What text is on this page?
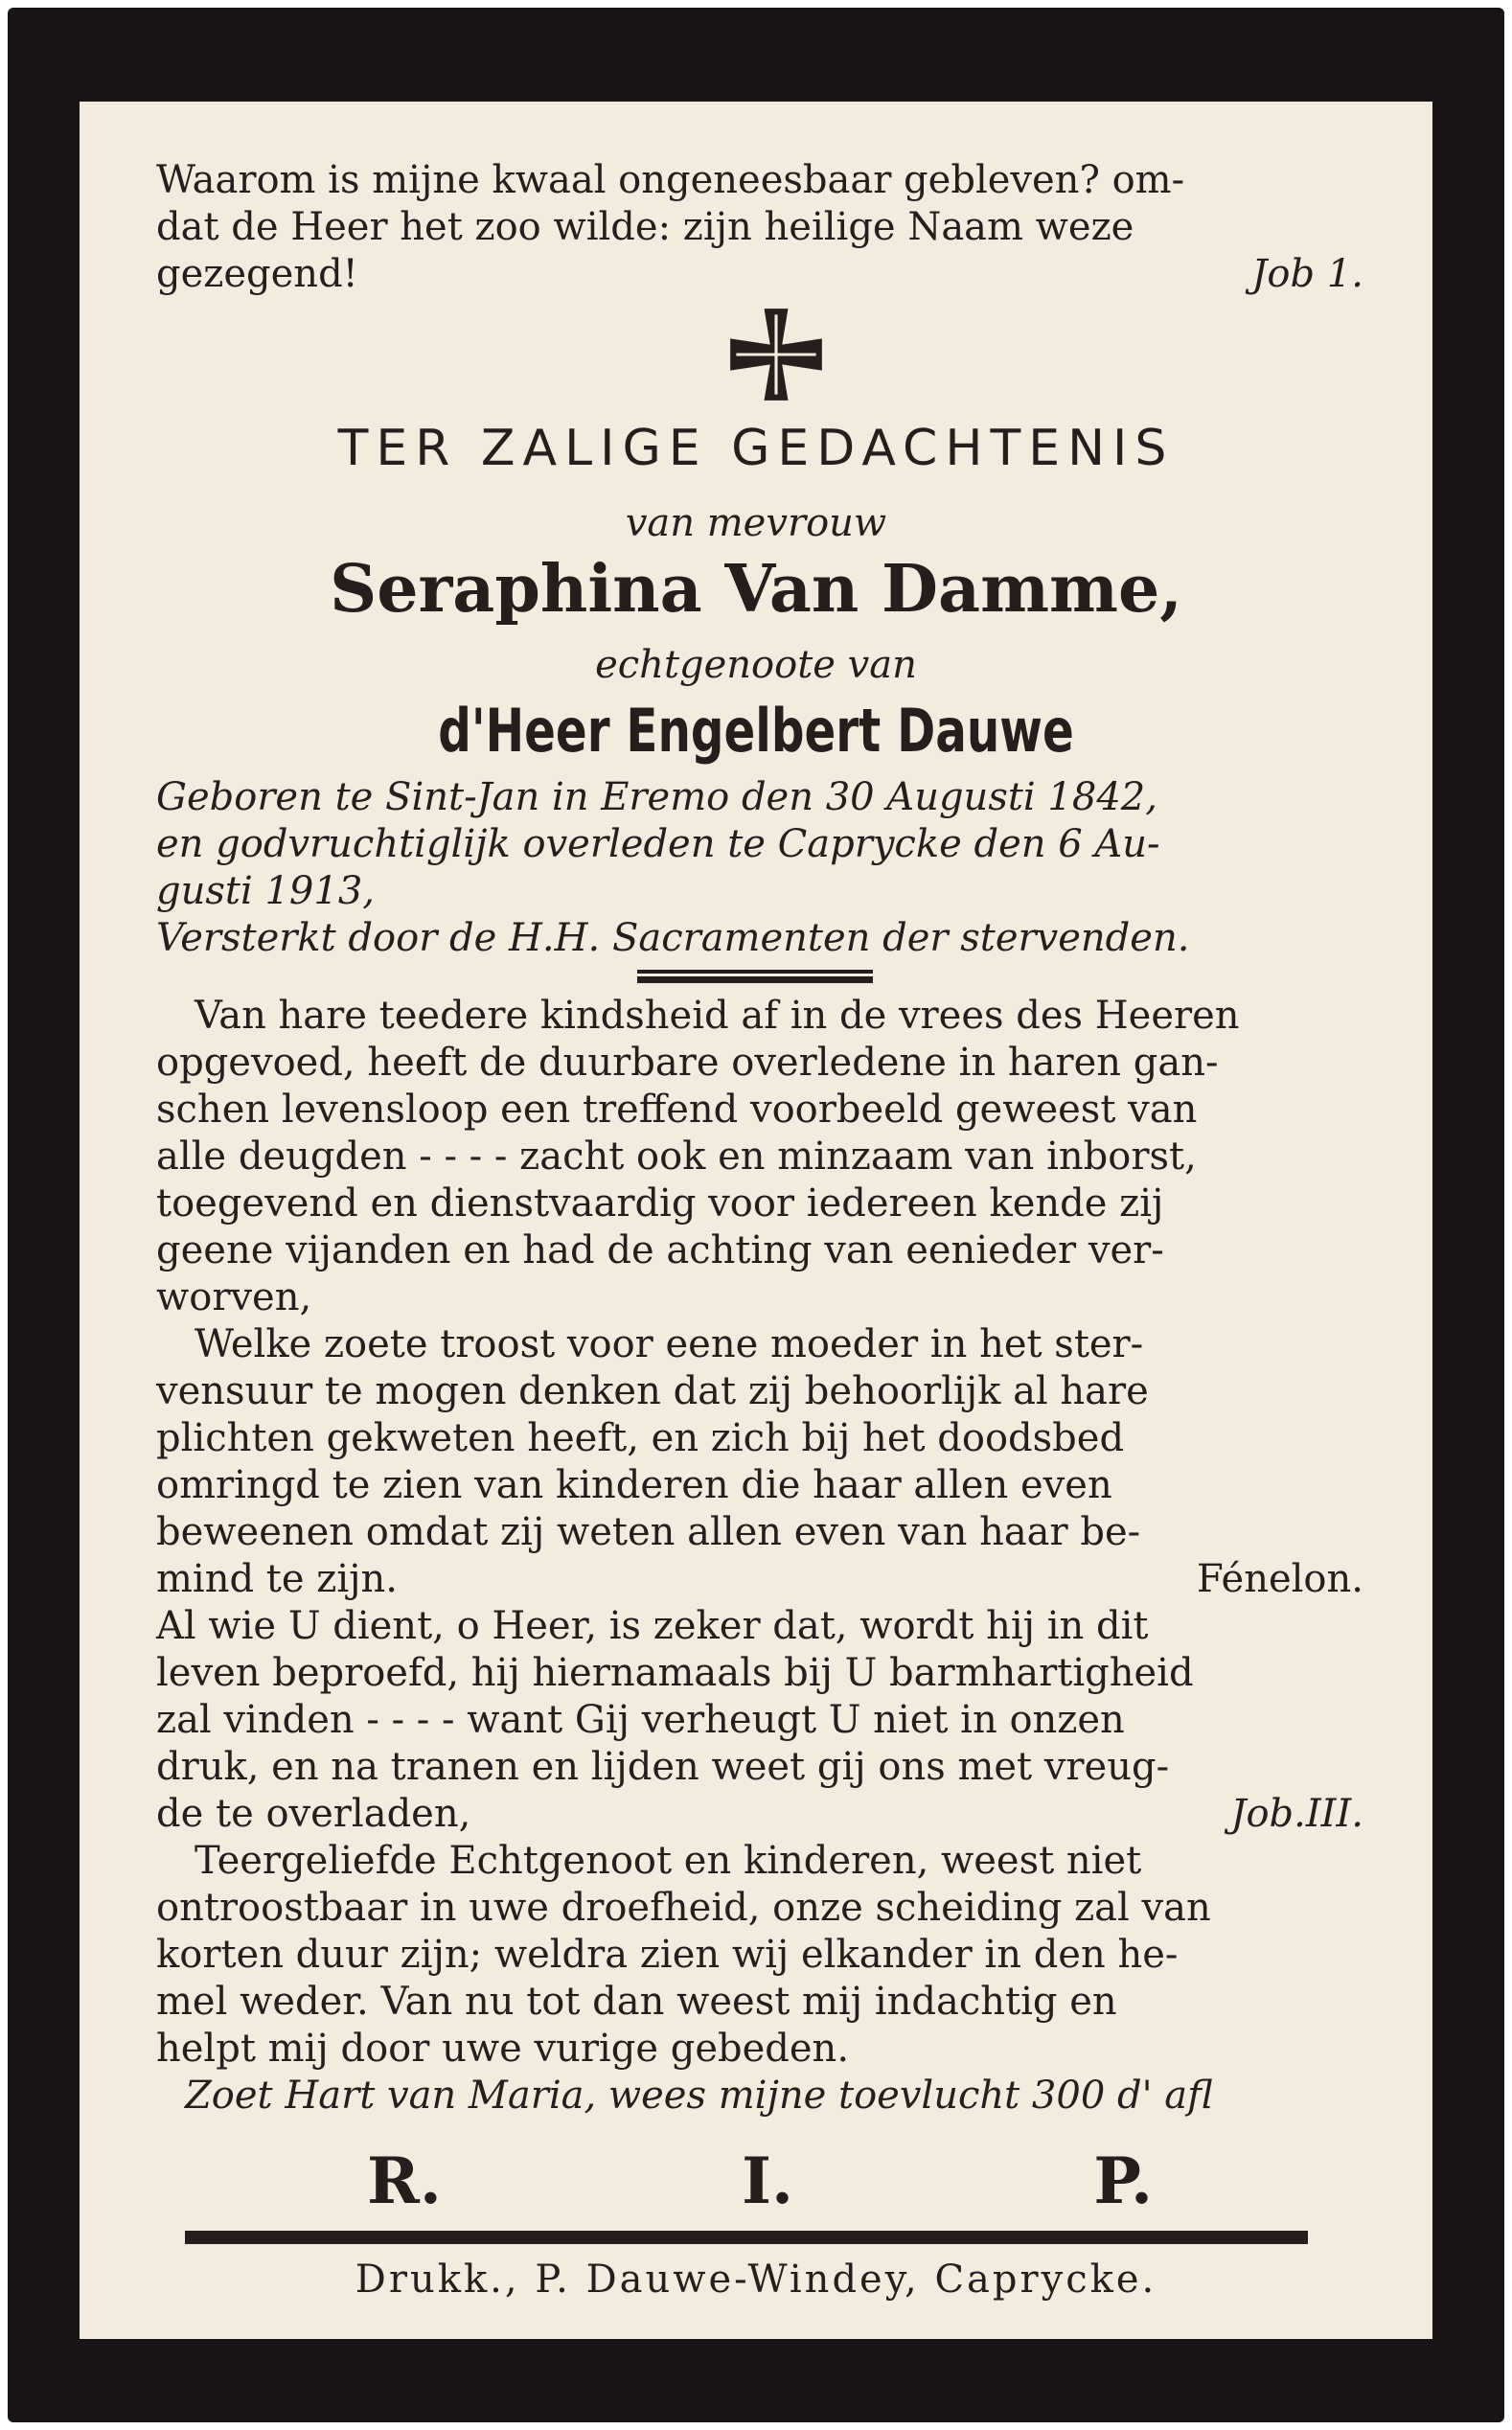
Waarom is mijne kwaal ongeneesbaar gebleven? om-
dat de Heer het zoo wilde: zijn heilige Naam weze
gezegend!	Job 1.
TER ZALIGE GEDACHTENIS
van mevrouw
Seraphina Van Damme,
echtgenoote van
d'Heer Engelbert Dauwe
Geboren te Sint-Jan in Eremo den 30 Augusti 1842,
en godvruchtiglijk overleden te Caprycke den 6 Au-
gusti 1913,
Versterkt door de H.H. Sacramenten der stervenden.
Van hare teedere kindsheid af in de vrees des Heeren
opgevoed, heeft de duurbare overledene in haren gan-
schen levensloop een treffend voorbeeld geweest van
alle deugden - - - - zacht ook en minzaam van inborst,
toegevend en dienstvaardig voor iedereen kende zij
geene vijanden en had de achting van eenieder ver-
worven,
Welke zoete troost voor eene moeder in het ster-
vensuur te mogen denken dat zij behoorlijk al hare
plichten gekweten heeft, en zich bij het doodsbed
omringd te zien van kinderen die haar allen even
beweenen omdat zij weten allen even van haar be-
mind te zijn.	Fénelon.
Al wie U dient, o Heer, is zeker dat, wordt hij in dit
leven beproefd, hij hiernamaals bij U barmhartigheid
zal vinden - - - - want Gij verheugt U niet in onzen
druk, en na tranen en lijden weet gij ons met vreug-
de te overladen,	Job.III.
Teergeliefde Echtgenoot en kinderen, weest niet
ontroostbaar in uwe droefheid, onze scheiding zal van
korten duur zijn; weldra zien wij elkander in den he-
mel weder. Van nu tot dan weest mij indachtig en
helpt mij door uwe vurige gebeden.
Zoet Hart van Maria, wees mijne toevlucht 300 d' afl
R.	I.	P.
Drukk., P. Dauwe-Windey, Caprycke.
